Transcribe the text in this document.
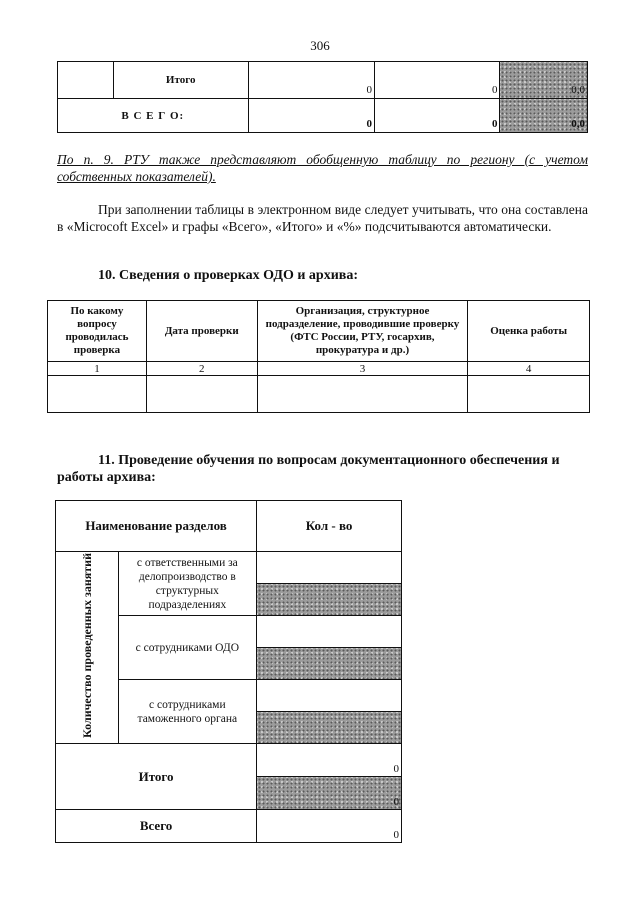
306
	Итого	0	0	0,0
В С Е Г О:		0	0	0,0
По п. 9. РТУ также представляют обобщенную таблицу по региону (с учетом собственных показателей).
При заполнении таблицы в электронном виде следует учитывать, что она составлена в «Microcoft Excel» и графы «Всего», «Итого» и «%» подсчитываются автоматически.
10. Сведения о проверках ОДО и архива:
По какому вопросу проводилась проверка	Дата проверки	Организация, структурное подразделение, проводившие проверку (ФТС России, РТУ, госархив, прокуратура и др.)	Оценка работы
1	2	3	4

11. Проведение обучения по вопросам документационного обеспечения и работы архива:
Наименование разделов		Кол - во
Количество проведенных занятий	с ответственными за делопроизводство в структурных подразделениях	

	с сотрудниками ОДО	

	с сотрудниками таможенного органа	

Итого		0
		0
Всего		0
